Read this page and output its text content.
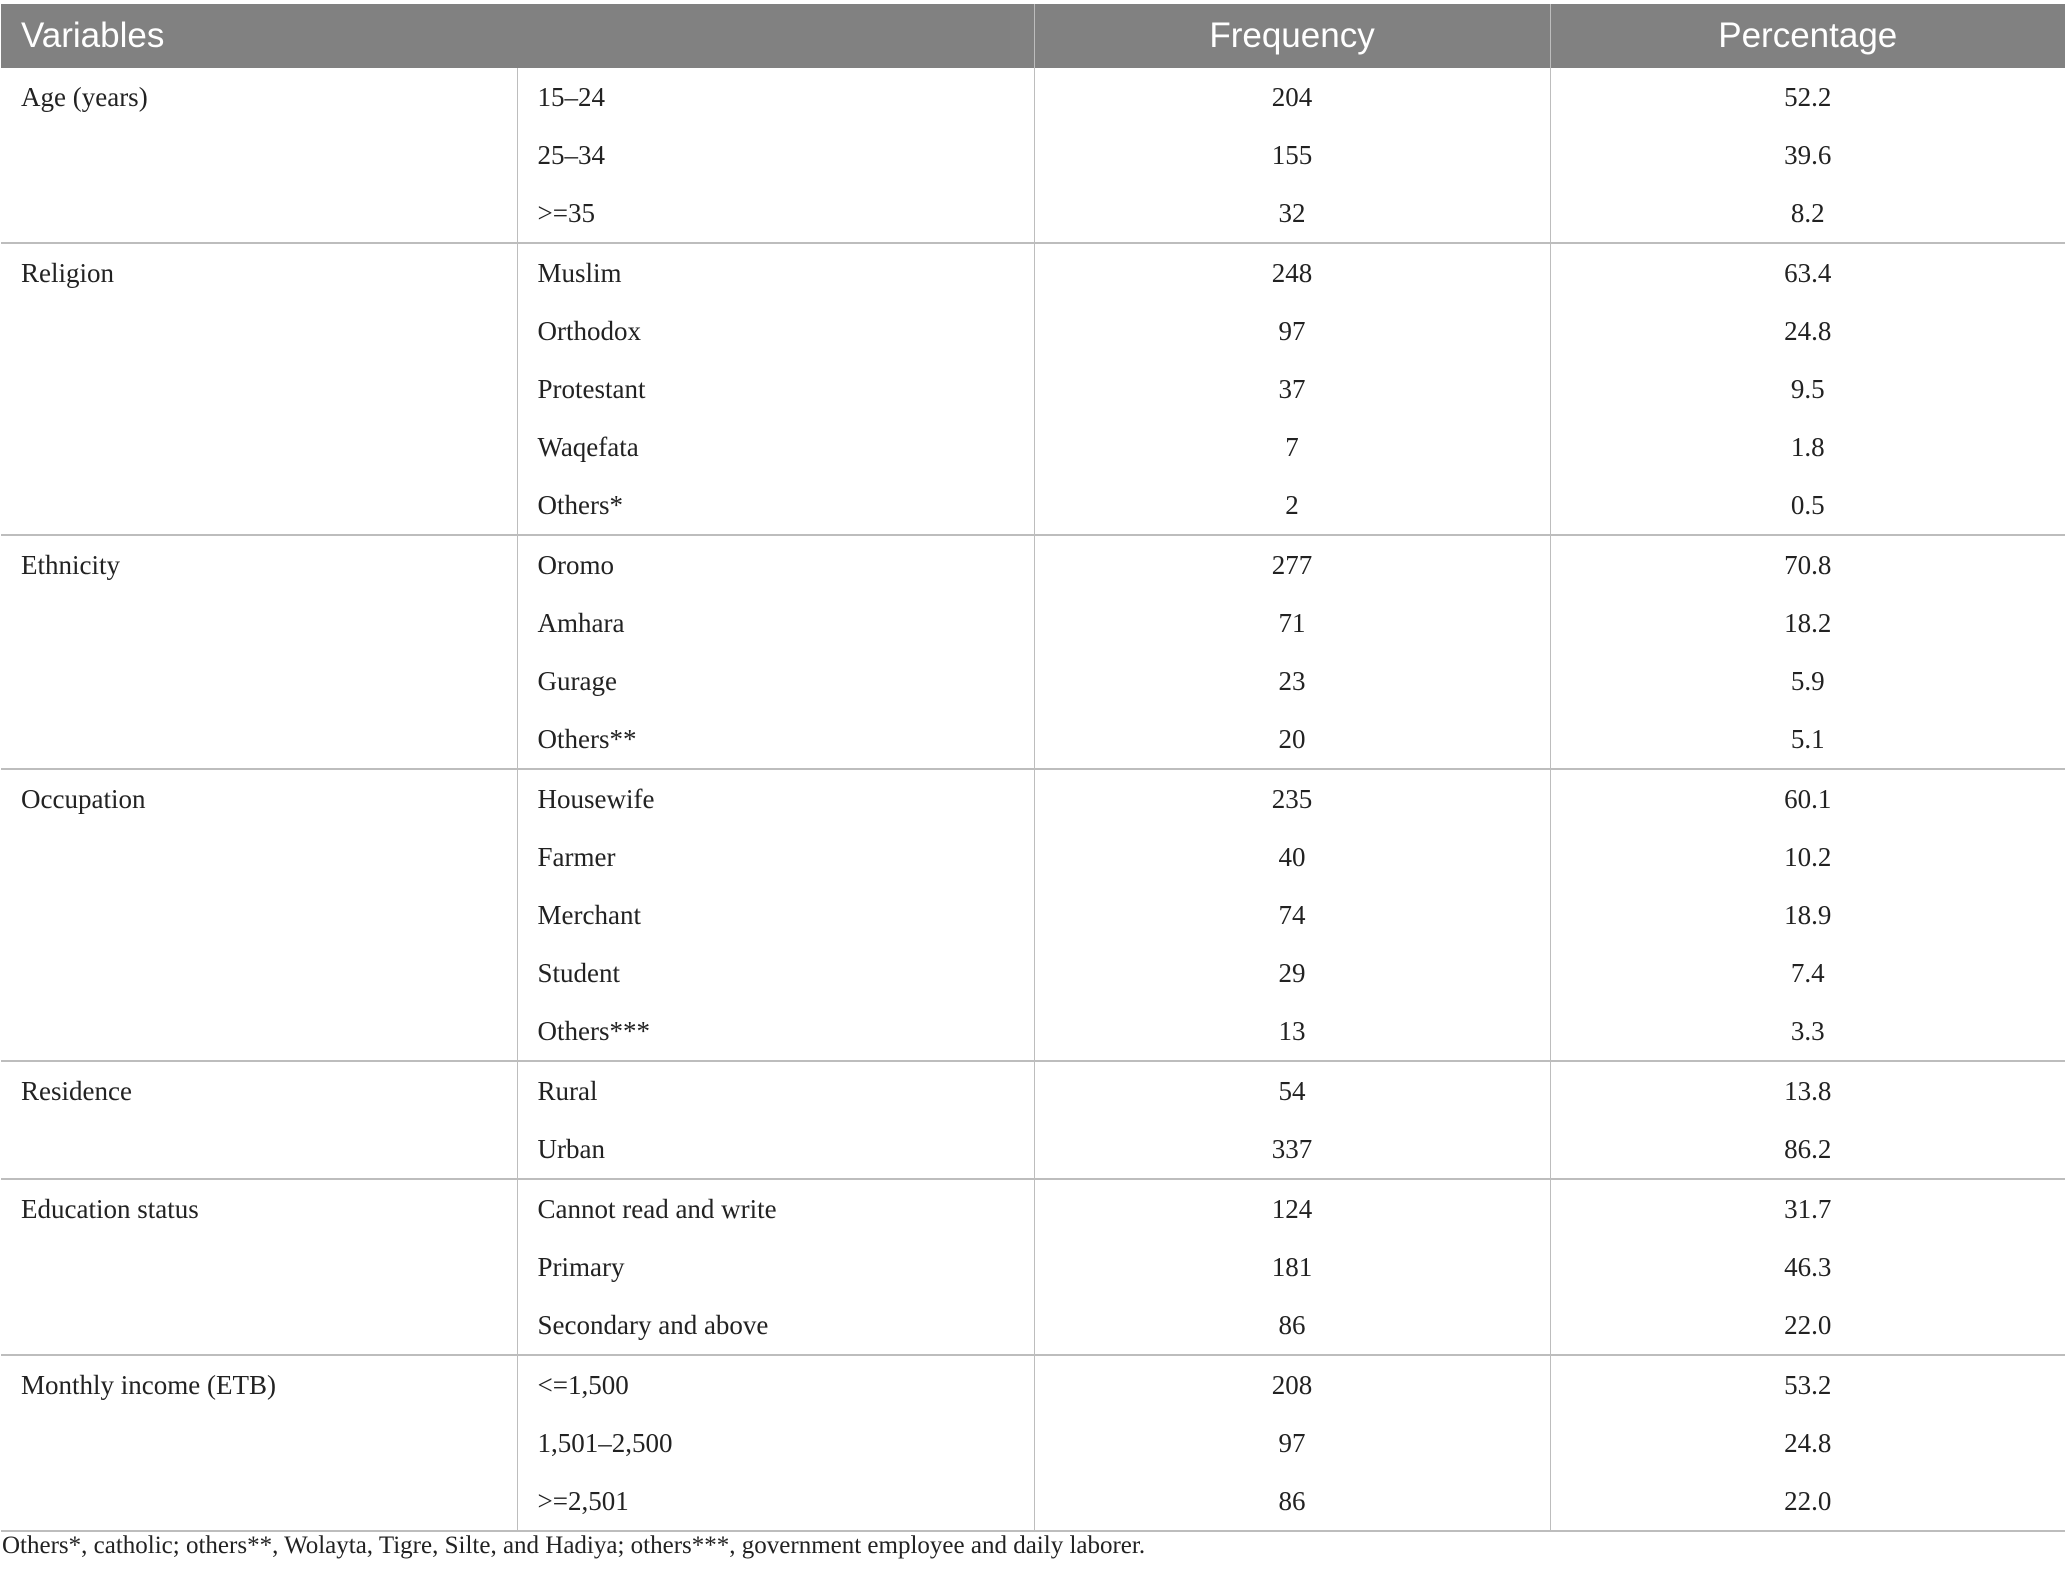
Variables		Frequency	Percentage
Age (years)	15–24	204	52.2
	25–34	155	39.6
	>=35	32	8.2
Religion	Muslim	248	63.4
	Orthodox	97	24.8
	Protestant	37	9.5
	Waqefata	7	1.8
	Others*	2	0.5
Ethnicity	Oromo	277	70.8
	Amhara	71	18.2
	Gurage	23	5.9
	Others**	20	5.1
Occupation	Housewife	235	60.1
	Farmer	40	10.2
	Merchant	74	18.9
	Student	29	7.4
	Others***	13	3.3
Residence	Rural	54	13.8
	Urban	337	86.2
Education status	Cannot read and write	124	31.7
	Primary	181	46.3
	Secondary and above	86	22.0
Monthly income (ETB)	<=1,500	208	53.2
	1,501–2,500	97	24.8
	>=2,501	86	22.0
Others*, catholic; others**, Wolayta, Tigre, Silte, and Hadiya; others***, government employee and daily laborer.
